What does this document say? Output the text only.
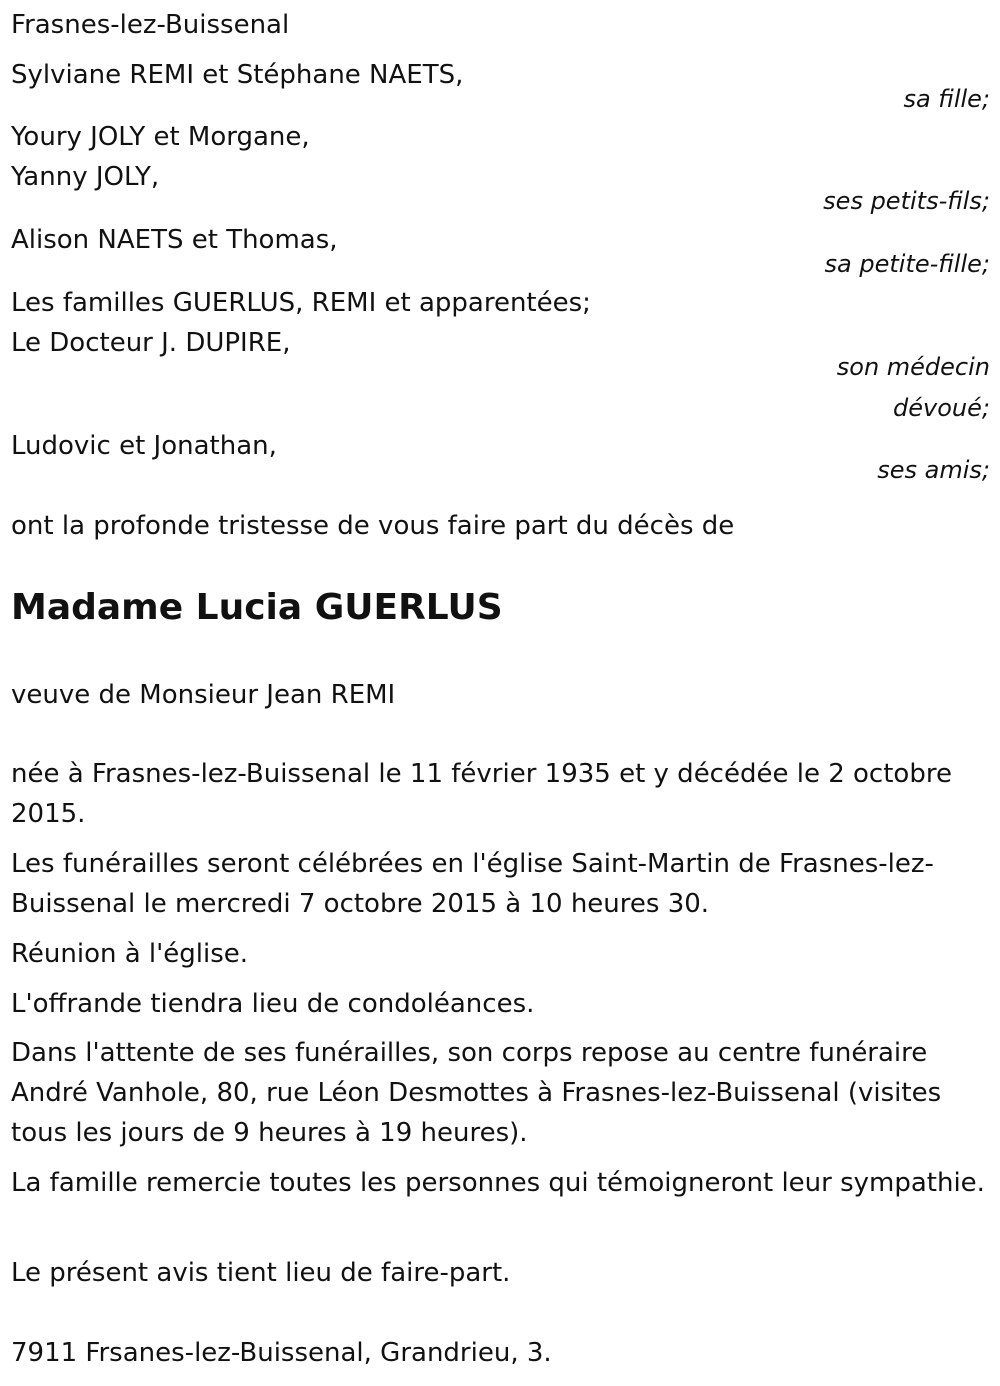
Frasnes-lez-Buissenal

Sylviane REMI et Stéphane NAETS,

sa fille;

Youry JOLY et Morgane,

Yanny JOLY,

ses petits-fils;

Alison NAETS et Thomas,

sa petite-fille;

Les familles GUERLUS, REMI et apparentées;

Le Docteur J. DUPIRE,

son médecin

dévoué;

Ludovic et Jonathan,

ses amis;

ont la profonde tristesse de vous faire part du décès de

Madame Lucia GUERLUS

veuve de Monsieur Jean REMI

née à Frasnes-lez-Buissenal le 11 février 1935 et y décédée le 2 octobre 2015.

Les funérailles seront célébrées en l'église Saint-Martin de Frasnes-lez-Buissenal le mercredi 7 octobre 2015 à 10 heures 30.

Réunion à l'église.

L'offrande tiendra lieu de condoléances.

Dans l'attente de ses funérailles, son corps repose au centre funéraire André Vanhole, 80, rue Léon Desmottes à Frasnes-lez-Buissenal (visites tous les jours de 9 heures à 19 heures).

La famille remercie toutes les personnes qui témoigneront leur sympathie.

Le présent avis tient lieu de faire-part.

7911 Frsanes-lez-Buissenal, Grandrieu, 3.
